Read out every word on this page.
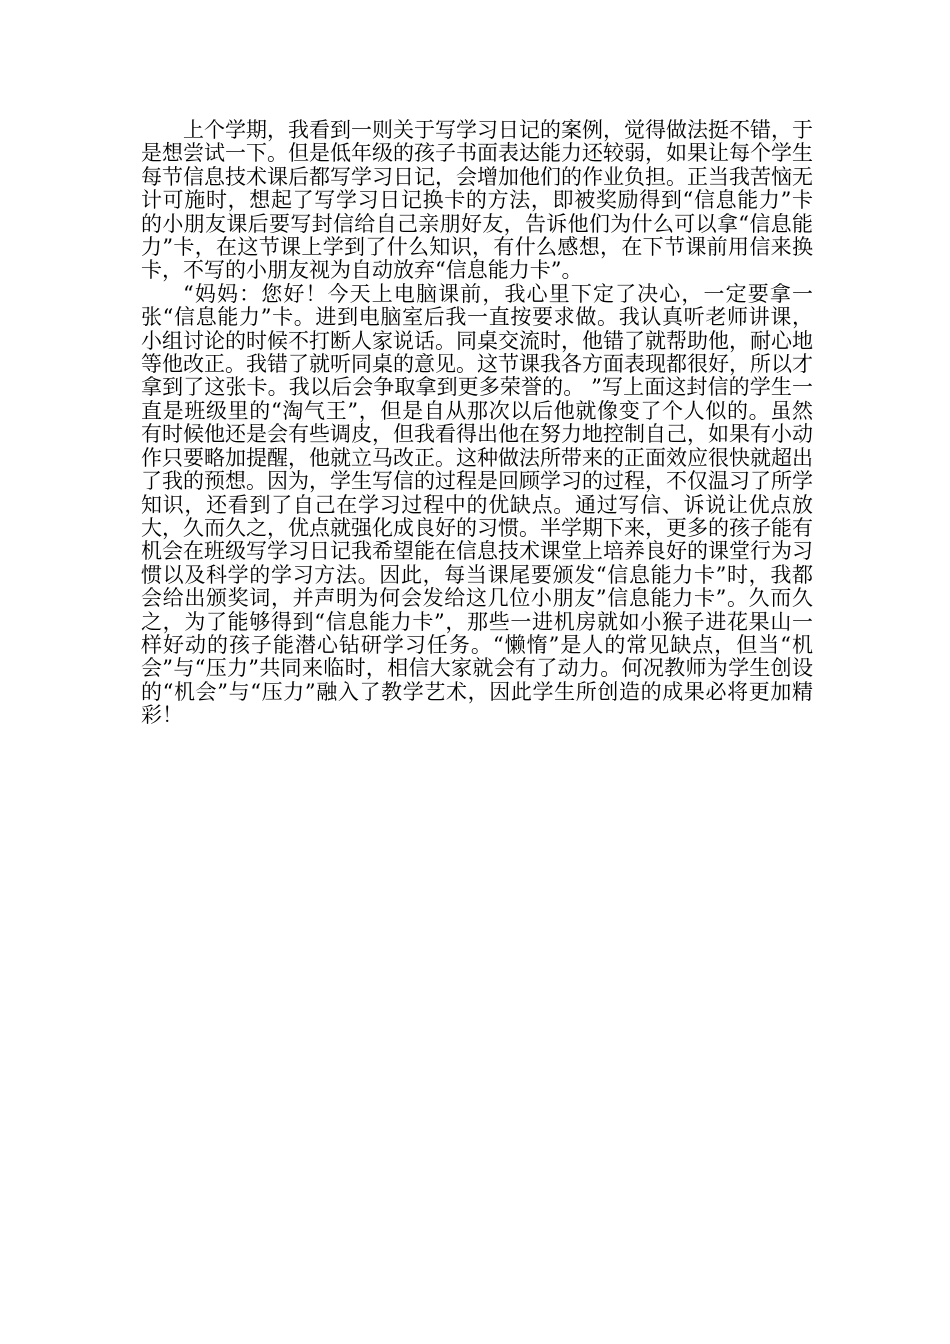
上个学期，我看到一则关于写学习日记的案例，觉得做法挺不错，于是想尝试一下。但是低年级的孩子书面表达能力还较弱，如果让每个学生每节信息技术课后都写学习日记，会增加他们的作业负担。正当我苦恼无计可施时，想起了写学习日记换卡的方法，即被奖励得到“信息能力”卡的小朋友课后要写封信给自己亲朋好友，告诉他们为什么可以拿“信息能力”卡，在这节课上学到了什么知识，有什么感想，在下节课前用信来换卡，不写的小朋友视为自动放弃“信息能力卡”。

“妈妈：您好！今天上电脑课前，我心里下定了决心，一定要拿一张“信息能力”卡。进到电脑室后我一直按要求做。我认真听老师讲课，小组讨论的时候不打断人家说话。同桌交流时，他错了就帮助他，耐心地等他改正。我错了就听同桌的意见。这节课我各方面表现都很好，所以才拿到了这张卡。我以后会争取拿到更多荣誉的。 ”写上面这封信的学生一直是班级里的“淘气王”，但是自从那次以后他就像变了个人似的。虽然有时候他还是会有些调皮，但我看得出他在努力地控制自己，如果有小动作只要略加提醒，他就立马改正。这种做法所带来的正面效应很快就超出了我的预想。因为，学生写信的过程是回顾学习的过程，不仅温习了所学知识，还看到了自己在学习过程中的优缺点。通过写信、诉说让优点放大，久而久之，优点就强化成良好的习惯。半学期下来，更多的孩子能有机会在班级写学习日记我希望能在信息技术课堂上培养良好的课堂行为习惯以及科学的学习方法。因此，每当课尾要颁发“信息能力卡”时，我都会给出颁奖词，并声明为何会发给这几位小朋友”信息能力卡”。久而久之，为了能够得到“信息能力卡”，那些一进机房就如小猴子进花果山一样好动的孩子能潜心钻研学习任务。“懒惰”是人的常见缺点，但当“机会”与“压力”共同来临时，相信大家就会有了动力。何况教师为学生创设的“机会”与“压力”融入了教学艺术，因此学生所创造的成果必将更加精彩！
